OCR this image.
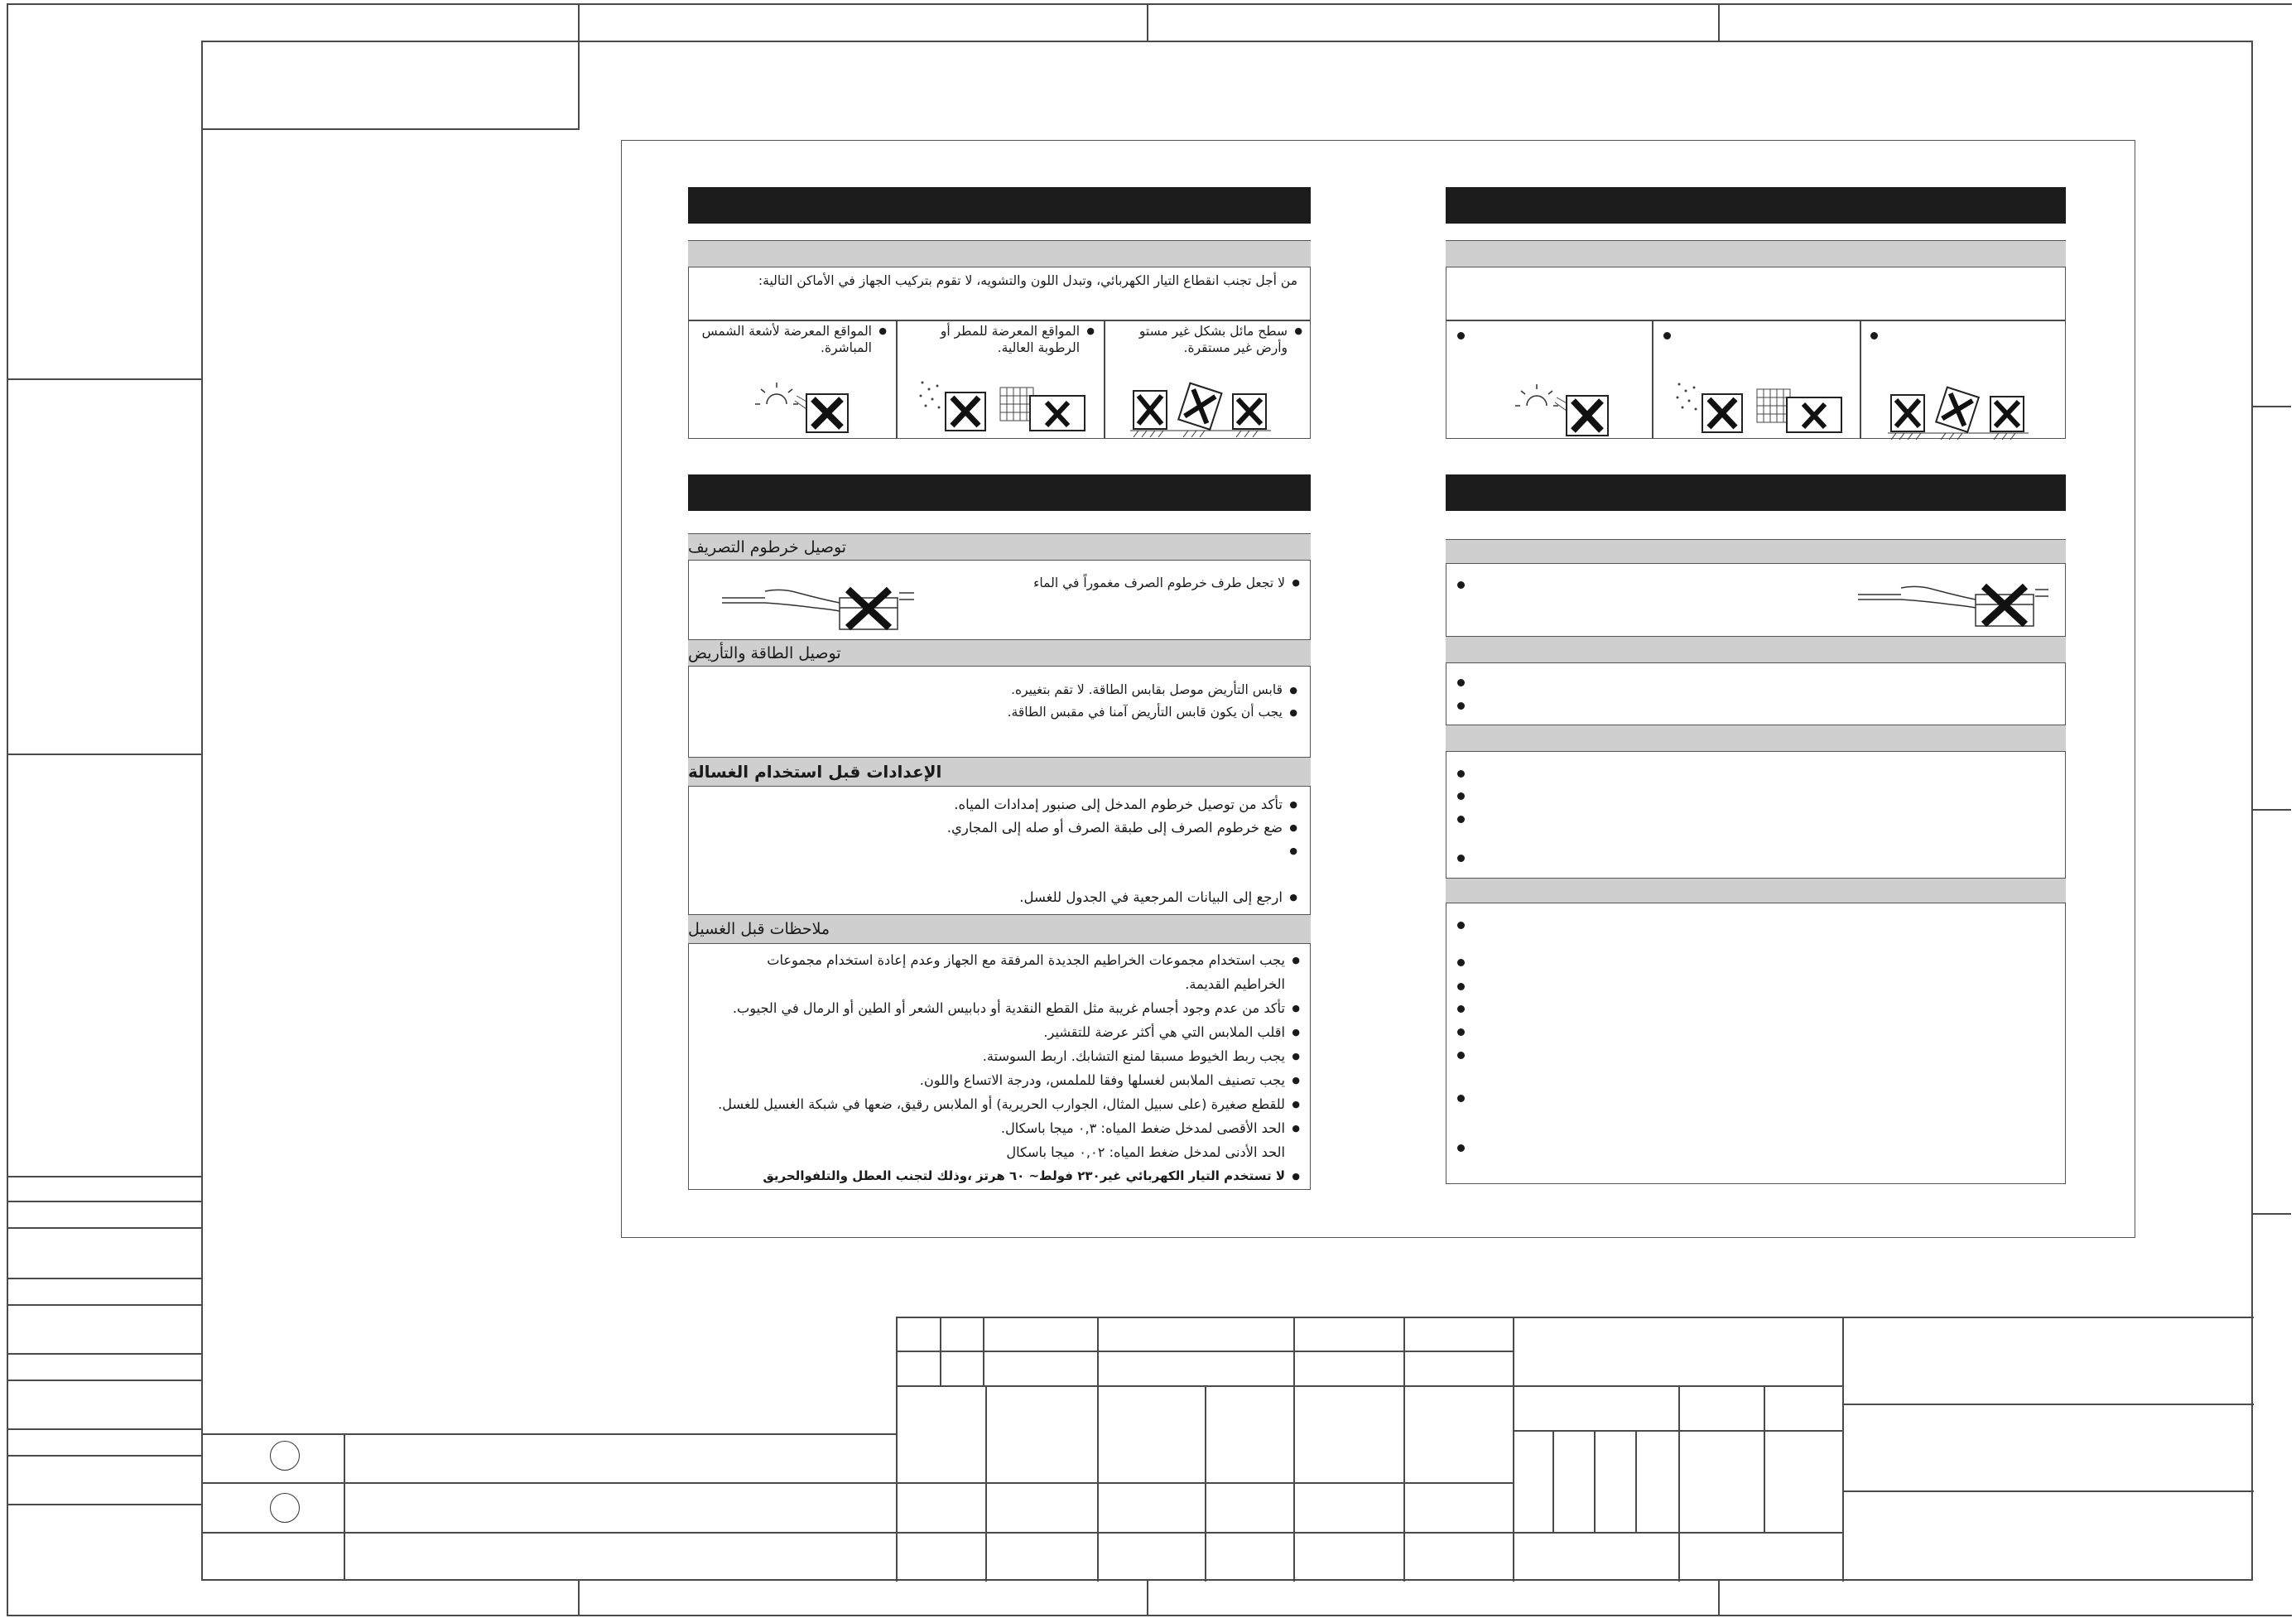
من أجل تجنب انقطاع التيار الكهربائي، وتبدل اللون والتشويه، لا تقوم بتركيب الجهاز في الأماكن التالية:
● سطح مائل بشكل غير مستو وأرض غير مستقرة.
● المواقع المعرضة للمطر أو الرطوبة العالية.
● المواقع المعرضة لأشعة الشمس المباشرة.
توصيل خرطوم التصريف
● لا تجعل طرف خرطوم الصرف مغموراً في الماء
توصيل الطاقة والتأريض
● قابس التأريض موصل بقابس الطاقة. لا تقم بتغييره.
● يجب أن يكون قابس التأريض آمنا في مقبس الطاقة.
الإعدادات قبل استخدام الغسالة
● تأكد من توصيل خرطوم المدخل إلى صنبور إمدادات المياه.
● ضع خرطوم الصرف إلى طبقة الصرف أو صله إلى المجاري.
●
● ارجع إلى البيانات المرجعية في الجدول للغسل.
ملاحظات قبل الغسيل
● يجب استخدام مجموعات الخراطيم الجديدة المرفقة مع الجهاز وعدم إعادة استخدام مجموعات الخراطيم القديمة.
● تأكد من عدم وجود أجسام غريبة مثل القطع النقدية أو دبابيس الشعر أو الطين أو الرمال في الجيوب.
● اقلب الملابس التي هي أكثر عرضة للتقشير.
● يجب ربط الخيوط مسبقا لمنع التشابك. اربط السوستة.
● يجب تصنيف الملابس لغسلها وفقا للملمس، ودرجة الاتساع واللون.
● للقطع صغيرة (على سبيل المثال، الجوارب الحريرية) أو الملابس رقيق، ضعها في شبكة الغسيل للغسل.
● الحد الأقصى لمدخل ضغط المياه: ٠,٣ ميجا باسكال.
الحد الأدنى لمدخل ضغط المياه: ٠,٠٢ ميجا باسكال
● لا تستخدم التيار الكهربائي غير٢٣٠ فولط~ ٦٠ هرتز ،وذلك لتجنب العطل والتلفوالحريق
